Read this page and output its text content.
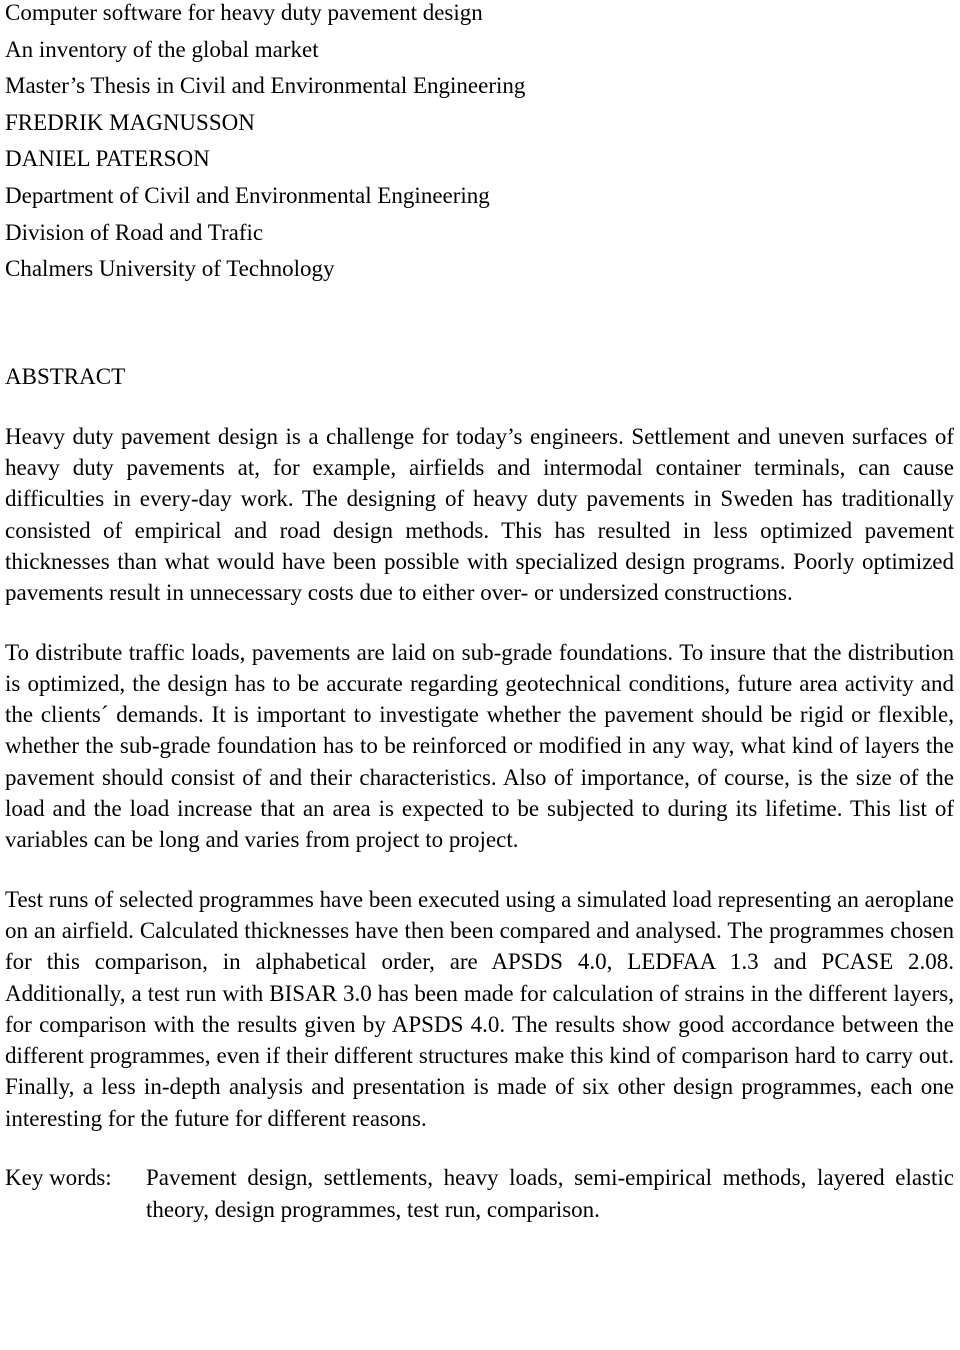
Computer software for heavy duty pavement design
An inventory of the global market
Master’s Thesis in Civil and Environmental Engineering
FREDRIK MAGNUSSON
DANIEL PATERSON
Department of Civil and Environmental Engineering
Division of Road and Trafic
Chalmers University of Technology
ABSTRACT

Heavy duty pavement design is a challenge for today’s engineers. Settlement and uneven surfaces of heavy duty pavements at, for example, airfields and intermodal container terminals, can cause difficulties in every-day work. The designing of heavy duty pavements in Sweden has traditionally consisted of empirical and road design methods. This has resulted in less optimized pavement thicknesses than what would have been possible with specialized design programs. Poorly optimized pavements result in unnecessary costs due to either over- or undersized constructions.

To distribute traffic loads, pavements are laid on sub-grade foundations. To insure that the distribution is optimized, the design has to be accurate regarding geotechnical conditions, future area activity and the clients´ demands. It is important to investigate whether the pavement should be rigid or flexible, whether the sub-grade foundation has to be reinforced or modified in any way, what kind of layers the pavement should consist of and their characteristics. Also of importance, of course, is the size of the load and the load increase that an area is expected to be subjected to during its lifetime. This list of variables can be long and varies from project to project.

Test runs of selected programmes have been executed using a simulated load representing an aeroplane on an airfield. Calculated thicknesses have then been compared and analysed. The programmes chosen for this comparison, in alphabetical order, are APSDS 4.0, LEDFAA 1.3 and PCASE 2.08. Additionally, a test run with BISAR 3.0 has been made for calculation of strains in the different layers, for comparison with the results given by APSDS 4.0. The results show good accordance between the different programmes, even if their different structures make this kind of comparison hard to carry out. Finally, a less in-depth analysis and presentation is made of six other design programmes, each one interesting for the future for different reasons.

Key words:	Pavement design, settlements, heavy loads, semi-empirical methods, layered elastic theory, design programmes, test run, comparison.
